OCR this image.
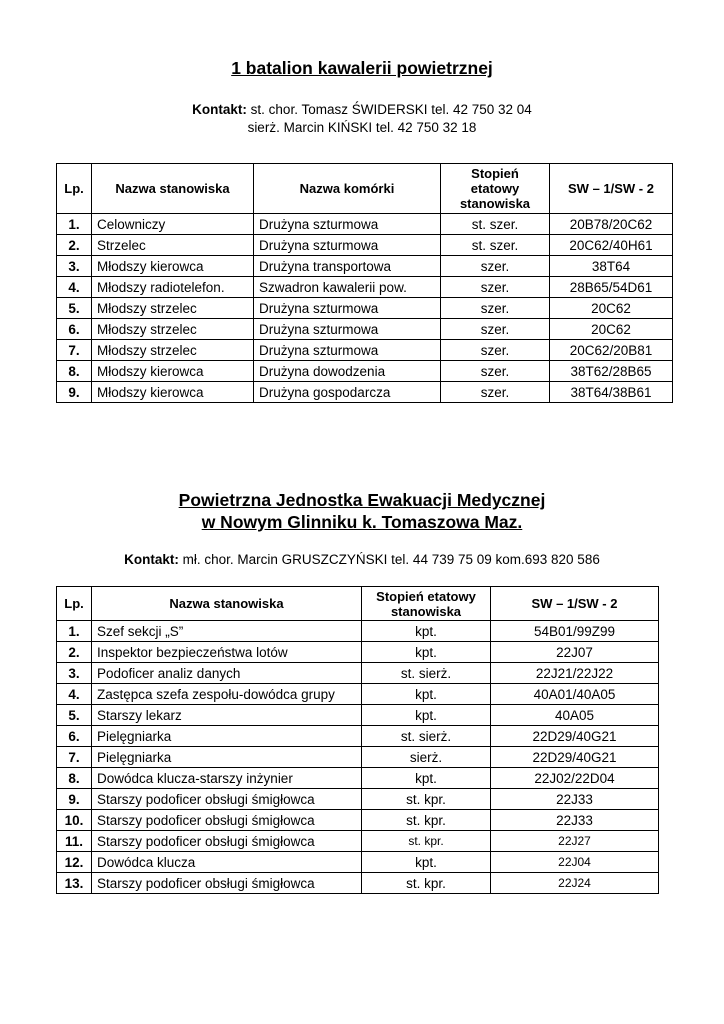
1 batalion kawalerii powietrznej
Kontakt: st. chor. Tomasz ŚWIDERSKI tel. 42 750 32 04
sierż. Marcin KIŃSKI tel. 42 750 32 18
Lp.	Nazwa stanowiska	Nazwa komórki	Stopień etatowy stanowiska	SW – 1/SW - 2
1.	Celowniczy	Drużyna szturmowa	st. szer.	20B78/20C62
2.	Strzelec	Drużyna szturmowa	st. szer.	20C62/40H61
3.	Młodszy kierowca	Drużyna transportowa	szer.	38T64
4.	Młodszy radiotelefon.	Szwadron kawalerii pow.	szer.	28B65/54D61
5.	Młodszy strzelec	Drużyna szturmowa	szer.	20C62
6.	Młodszy strzelec	Drużyna szturmowa	szer.	20C62
7.	Młodszy strzelec	Drużyna szturmowa	szer.	20C62/20B81
8.	Młodszy kierowca	Drużyna dowodzenia	szer.	38T62/28B65
9.	Młodszy kierowca	Drużyna gospodarcza	szer.	38T64/38B61
Powietrzna Jednostka Ewakuacji Medycznej
w Nowym Glinniku k. Tomaszowa Maz.
Kontakt: mł. chor. Marcin GRUSZCZYŃSKI tel. 44 739 75 09 kom.693 820 586
Lp.	Nazwa stanowiska	Stopień etatowy stanowiska	SW – 1/SW - 2
1.	Szef sekcji „S”	kpt.	54B01/99Z99
2.	Inspektor bezpieczeństwa lotów	kpt.	22J07
3.	Podoficer analiz danych	st. sierż.	22J21/22J22
4.	Zastępca szefa zespołu-dowódca grupy	kpt.	40A01/40A05
5.	Starszy lekarz	kpt.	40A05
6.	Pielęgniarka	st. sierż.	22D29/40G21
7.	Pielęgniarka	sierż.	22D29/40G21
8.	Dowódca klucza-starszy inżynier	kpt.	22J02/22D04
9.	Starszy podoficer obsługi śmigłowca	st. kpr.	22J33
10.	Starszy podoficer obsługi śmigłowca	st. kpr.	22J33
11.	Starszy podoficer obsługi śmigłowca	st. kpr.	22J27
12.	Dowódca klucza	kpt.	22J04
13.	Starszy podoficer obsługi śmigłowca	st. kpr.	22J24
